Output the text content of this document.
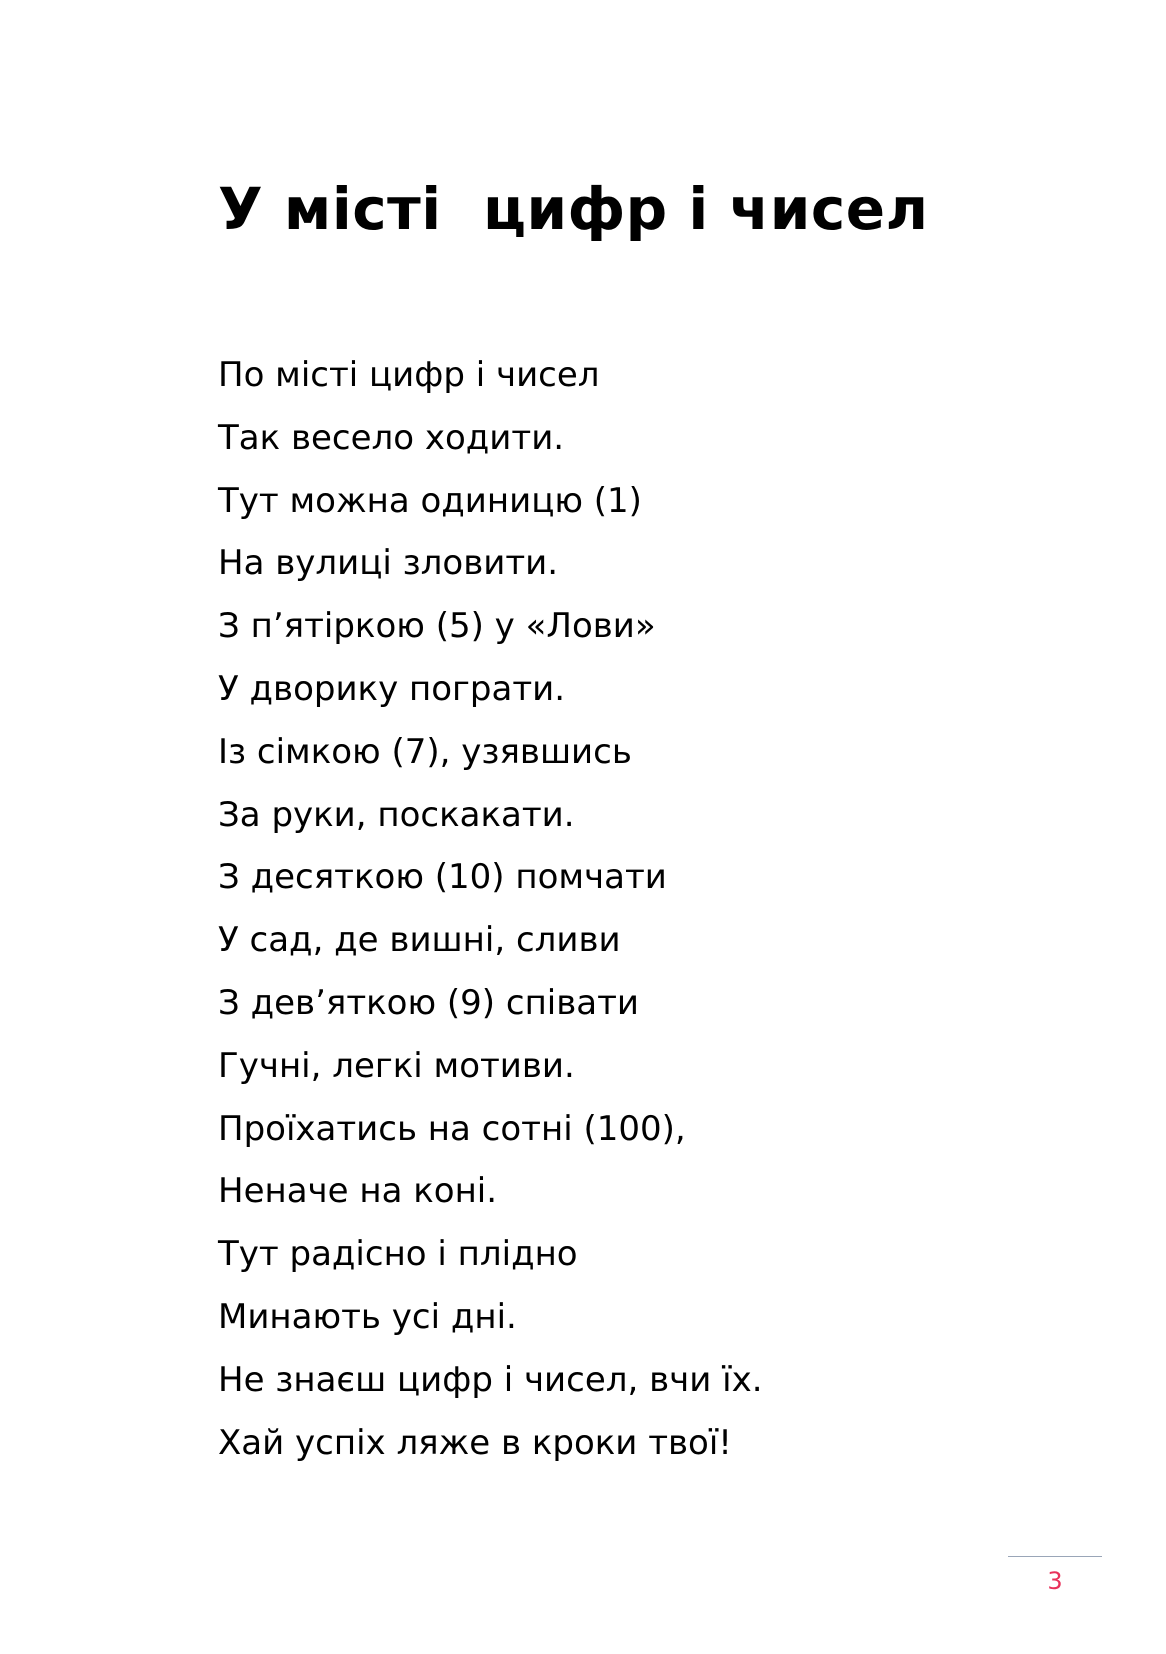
У місті  цифр і чисел
По місті цифр і чисел
Так весело ходити.
Тут можна одиницю (1)
На вулиці зловити.
З п’ятіркою (5) у «Лови»
У дворику пограти.
Із сімкою (7), узявшись
За руки, поскакати.
З десяткою (10) помчати
У сад, де вишні, сливи
З дев’яткою (9) співати
Гучні, легкі мотиви.
Проїхатись на сотні (100),
Неначе на коні.
Тут радісно і плідно
Минають усі дні.
Не знаєш цифр і чисел, вчи їх.
Хай успіх ляже в кроки твої!
3
